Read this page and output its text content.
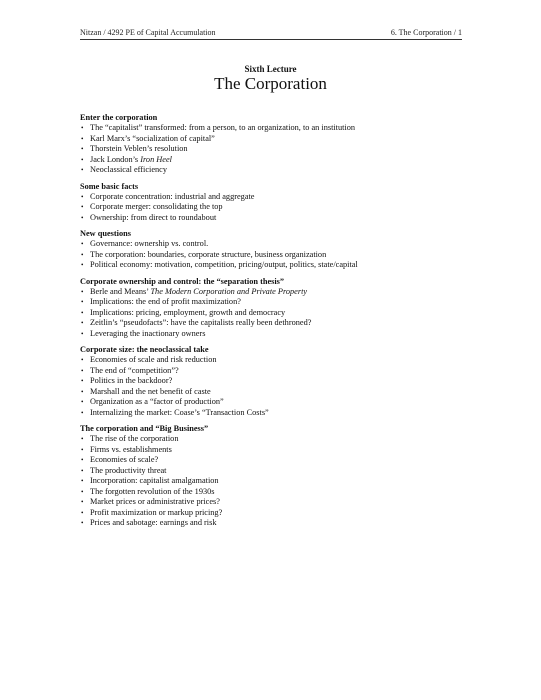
Nitzan / 4292 PE of Capital Accumulation	6. The Corporation / 1
Sixth Lecture
The Corporation
Enter the corporation
• The “capitalist” transformed: from a person, to an organization, to an institution
• Karl Marx’s “socialization of capital”
• Thorstein Veblen’s resolution
• Jack London’s Iron Heel
• Neoclassical efficiency
Some basic facts
• Corporate concentration: industrial and aggregate
• Corporate merger: consolidating the top
• Ownership: from direct to roundabout
New questions
• Governance: ownership vs. control.
• The corporation: boundaries, corporate structure, business organization
• Political economy: motivation, competition, pricing/output, politics, state/capital
Corporate ownership and control: the “separation thesis”
• Berle and Means’ The Modern Corporation and Private Property
• Implications: the end of profit maximization?
• Implications: pricing, employment, growth and democracy
• Zeitlin’s “pseudofacts”: have the capitalists really been dethroned?
• Leveraging the inactionary owners
Corporate size: the neoclassical take
• Economies of scale and risk reduction
• The end of “competition”?
• Politics in the backdoor?
• Marshall and the net benefit of caste
• Organization as a “factor of production”
• Internalizing the market: Coase’s “Transaction Costs”
The corporation and “Big Business”
• The rise of the corporation
• Firms vs. establishments
• Economies of scale?
• The productivity threat
• Incorporation: capitalist amalgamation
• The forgotten revolution of the 1930s
• Market prices or administrative prices?
• Profit maximization or markup pricing?
• Prices and sabotage: earnings and risk
